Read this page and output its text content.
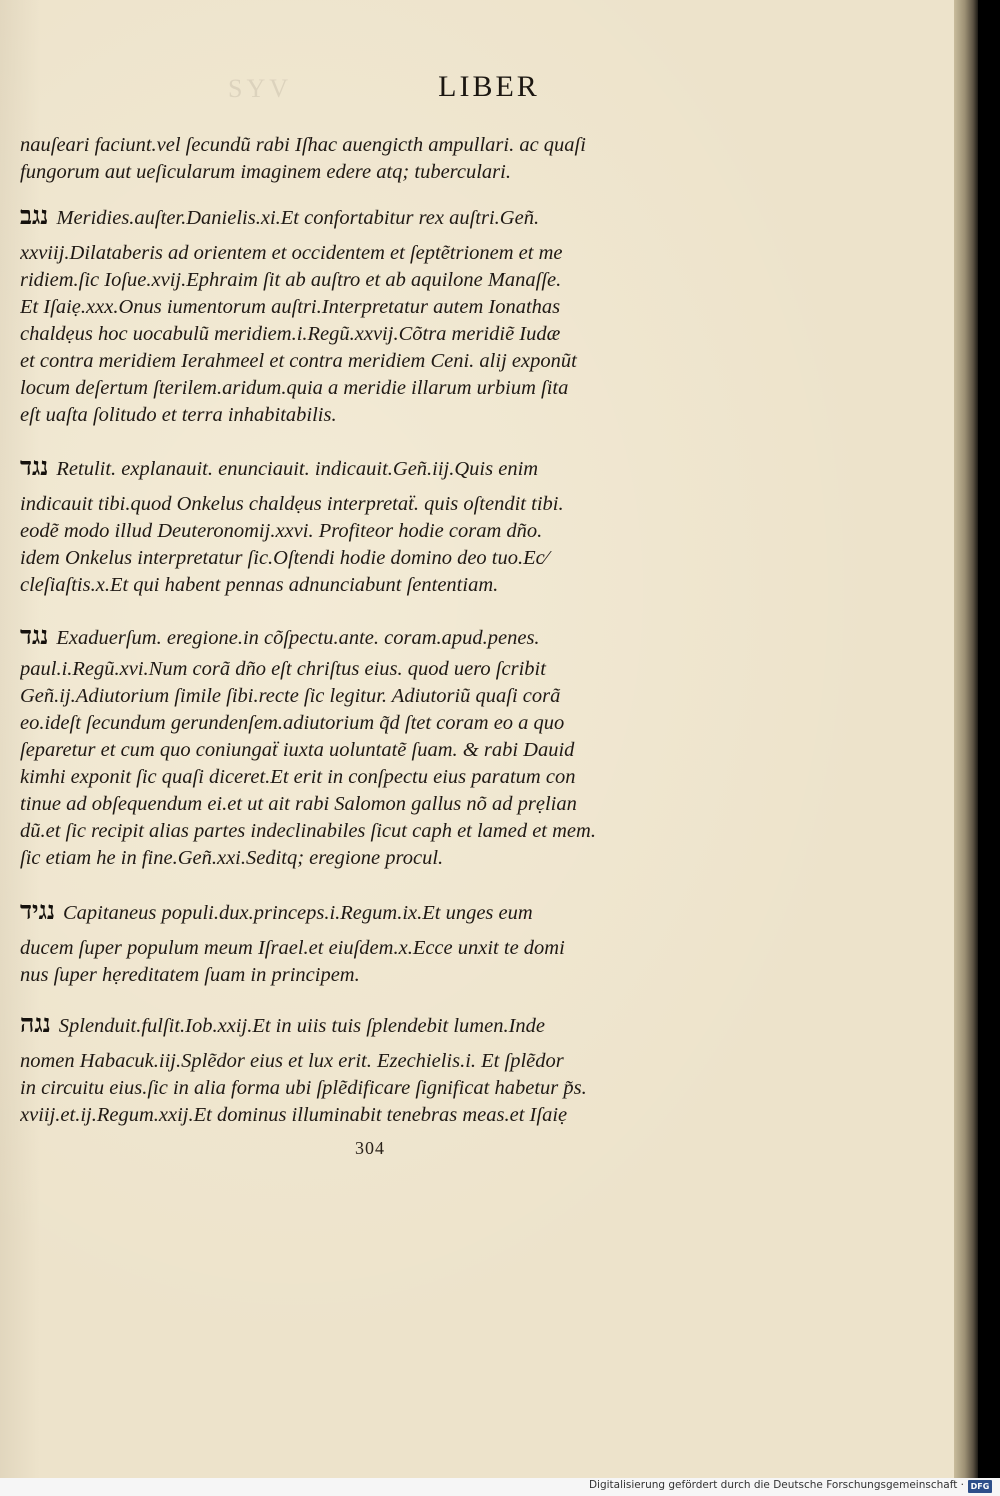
SYV	LIBER
nauſeari faciunt.vel ſecundũ rabi Iſhac auengicth ampullari. ac quaſi
fungorum aut ueſicularum imaginem edere atq; tuberculari.
נגב Meridies.auſter.Danielis.xi.Et confortabitur rex auſtri.Geñ.
xxviij.Dilataberis ad orientem et occidentem et ſeptẽtrionem et me
ridiem.ſic Ioſue.xvij.Ephraim ſit ab auſtro et ab aquilone Manaſſe.
Et Iſaiẹ.xxx.Onus iumentorum auſtri.Interpretatur autem Ionathas
chaldẹus hoc uocabulũ meridiem.i.Regũ.xxvij.Cõtra meridiẽ Iudæ
et contra meridiem Ierahmeel et contra meridiem Ceni. alij exponũt
locum deſertum ſterilem.aridum.quia a meridie illarum urbium ſita
eſt uaſta ſolitudo et terra inhabitabilis.
נגד Retulit. explanauit. enunciauit. indicauit.Geñ.iij.Quis enim
indicauit tibi.quod Onkelus chaldẹus interpretaẗ. quis oſtendit tibi.
eodẽ modo illud Deuteronomij.xxvi. Profiteor hodie coram dño.
idem Onkelus interpretatur ſic.Oſtendi hodie domino deo tuo.Ec⁄
cleſiaſtis.x.Et qui habent pennas adnunciabunt ſententiam.
נגד Exaduerſum. eregione.in cõſpectu.ante. coram.apud.penes.
paul.i.Regũ.xvi.Num corã dño eſt chriſtus eius. quod uero ſcribit
Geñ.ij.Adiutorium ſimile ſibi.recte ſic legitur. Adiutoriũ quaſi corã
eo.ideſt ſecundum gerundenſem.adiutorium q̃d ſtet coram eo a quo
ſeparetur et cum quo coniungaẗ iuxta uoluntatẽ ſuam. & rabi Dauid
kimhi exponit ſic quaſi diceret.Et erit in conſpectu eius paratum con
tinue ad obſequendum ei.et ut ait rabi Salomon gallus nõ ad prẹlian
dũ.et ſic recipit alias partes indeclinabiles ſicut caph et lamed et mem.
ſic etiam he in fine.Geñ.xxi.Seditq; eregione procul.
נגיד Capitaneus populi.dux.princeps.i.Regum.ix.Et unges eum
ducem ſuper populum meum Iſrael.et eiuſdem.x.Ecce unxit te domi
nus ſuper hẹreditatem ſuam in principem.
נגה Splenduit.fulſit.Iob.xxij.Et in uiis tuis ſplendebit lumen.Inde
nomen Habacuk.iij.Splẽdor eius et lux erit. Ezechielis.i. Et ſplẽdor
in circuitu eius.ſic in alia forma ubi ſplẽdificare ſignificat habetur p̃s.
xviij.et.ij.Regum.xxij.Et dominus illuminabit tenebras meas.et Iſaiẹ
304
Digitalisierung gefördert durch die Deutsche Forschungsgemeinschaft · DFG
